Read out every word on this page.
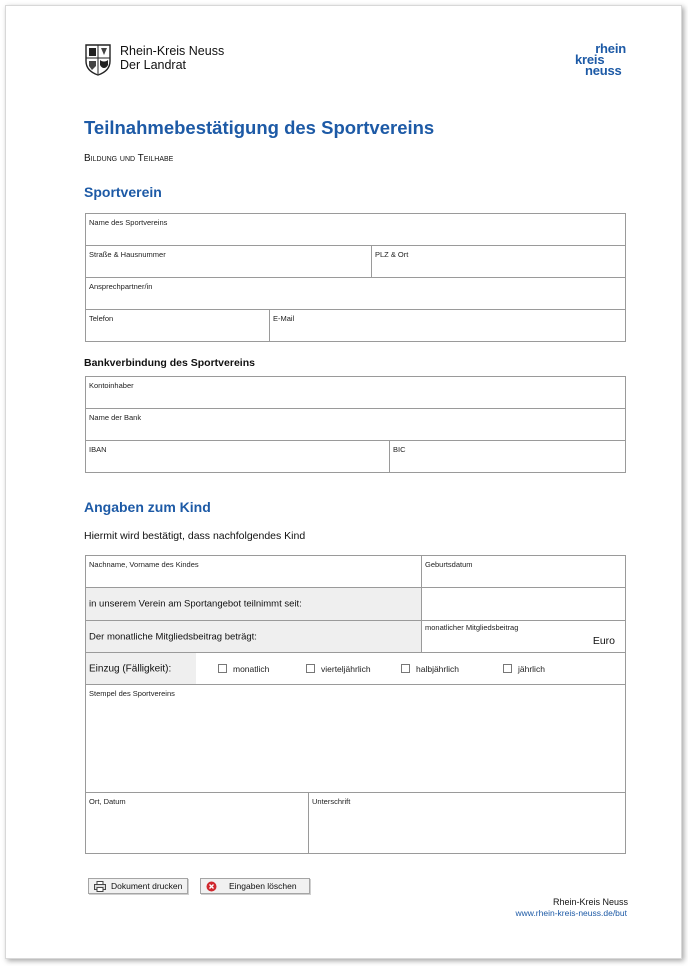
Rhein-Kreis Neuss
Der Landrat
rhein
kreis
neuss
Teilnahmebestätigung des Sportvereins
Bildung und Teilhabe
Sportverein
Name des Sportvereins
Straße & Hausnummer	PLZ & Ort
Ansprechpartner/in
Telefon	E-Mail
Bankverbindung des Sportvereins
Kontoinhaber
Name der Bank
IBAN	BIC
Angaben zum Kind
Hiermit wird bestätigt, dass nachfolgendes Kind
Nachname, Vorname des Kindes	Geburtsdatum
in unserem Verein am Sportangebot teilnimmt seit:
Der monatliche Mitgliedsbeitrag beträgt:
monatlicher Mitgliedsbeitrag
Euro
Einzug (Fälligkeit):	monatlich	vierteljährlich	halbjährlich	jährlich
Stempel des Sportvereins
Ort, Datum	Unterschrift
Dokument drucken	Eingaben löschen
Rhein-Kreis Neuss
www.rhein-kreis-neuss.de/but
